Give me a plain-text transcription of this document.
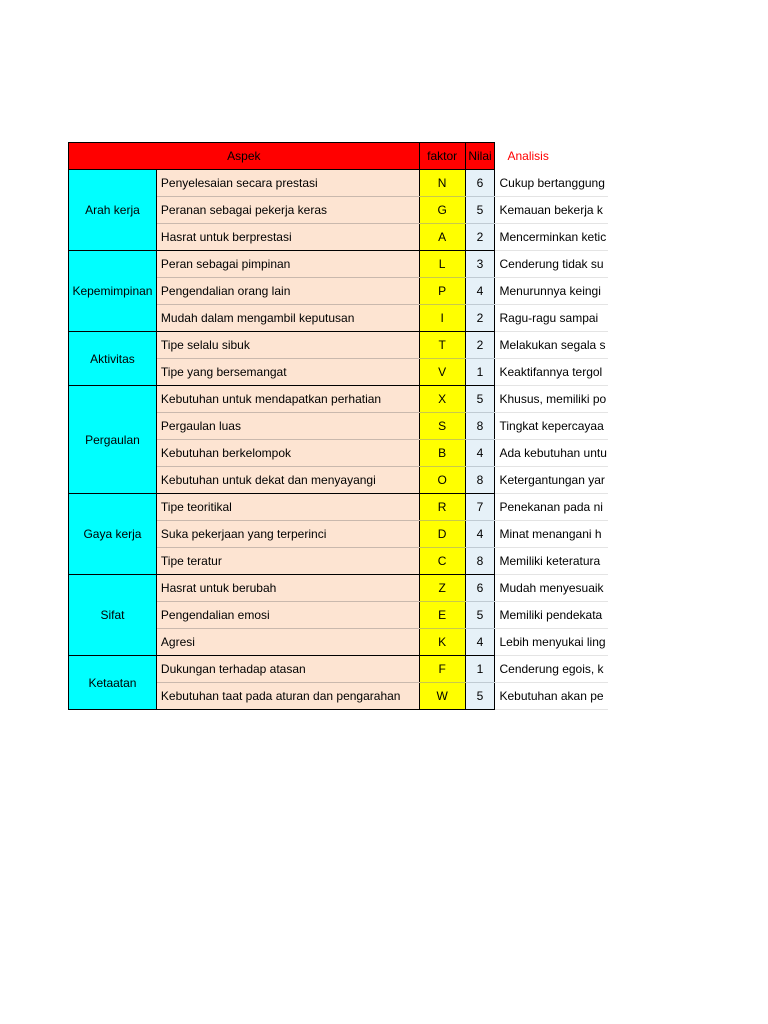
Aspek		faktor	Nilai	Analisis
Arah kerja	Penyelesaian secara prestasi	N	6	Cukup bertanggung
	Peranan sebagai pekerja keras	G	5	Kemauan bekerja k
	Hasrat untuk berprestasi	A	2	Mencerminkan ketic
Kepemimpinan	Peran sebagai pimpinan	L	3	Cenderung tidak su
	Pengendalian orang lain	P	4	Menurunnya keingi
	Mudah dalam mengambil keputusan	I	2	Ragu-ragu sampai
Aktivitas	Tipe selalu sibuk	T	2	Melakukan segala s
	Tipe yang bersemangat	V	1	Keaktifannya tergol
Pergaulan	Kebutuhan untuk mendapatkan perhatian	X	5	Khusus, memiliki po
	Pergaulan luas	S	8	Tingkat kepercayaa
	Kebutuhan berkelompok	B	4	Ada kebutuhan untu
	Kebutuhan untuk dekat dan menyayangi	O	8	Ketergantungan yar
Gaya kerja	Tipe teoritikal	R	7	Penekanan pada ni
	Suka pekerjaan yang terperinci	D	4	Minat menangani h
	Tipe teratur	C	8	Memiliki keteratura
Sifat	Hasrat untuk berubah	Z	6	Mudah menyesuaik
	Pengendalian emosi	E	5	Memiliki pendekata
	Agresi	K	4	Lebih menyukai ling
Ketaatan	Dukungan terhadap atasan	F	1	Cenderung egois, k
	Kebutuhan taat pada aturan dan pengarahan	W	5	Kebutuhan akan pe
